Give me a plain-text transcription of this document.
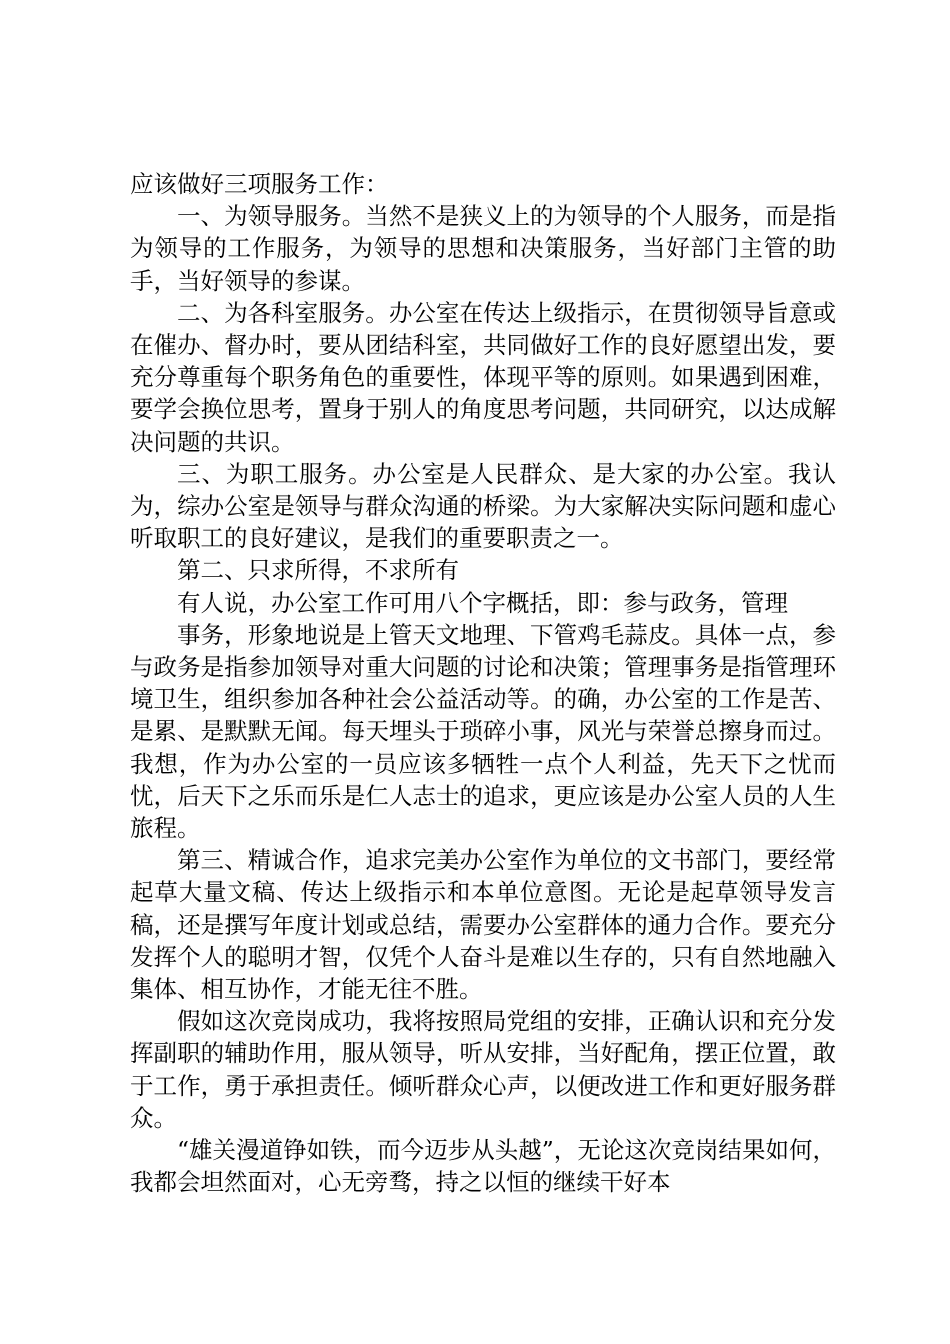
应该做好三项服务工作：

一、为领导服务。当然不是狭义上的为领导的个人服务，而是指为领导的工作服务，为领导的思想和决策服务，当好部门主管的助手，当好领导的参谋。

二、为各科室服务。办公室在传达上级指示，在贯彻领导旨意或在催办、督办时，要从团结科室，共同做好工作的良好愿望出发，要充分尊重每个职务角色的重要性，体现平等的原则。如果遇到困难，要学会换位思考，置身于别人的角度思考问题，共同研究，以达成解决问题的共识。

三、为职工服务。办公室是人民群众、是大家的办公室。我认为，综办公室是领导与群众沟通的桥梁。为大家解决实际问题和虚心听取职工的良好建议，是我们的重要职责之一。

第二、只求所得，不求所有

有人说，办公室工作可用八个字概括，即：参与政务，管理

事务，形象地说是上管天文地理、下管鸡毛蒜皮。具体一点，参与政务是指参加领导对重大问题的讨论和决策；管理事务是指管理环境卫生，组织参加各种社会公益活动等。的确，办公室的工作是苦、是累、是默默无闻。每天埋头于琐碎小事，风光与荣誉总擦身而过。我想，作为办公室的一员应该多牺牲一点个人利益，先天下之忧而忧，后天下之乐而乐是仁人志士的追求，更应该是办公室人员的人生旅程。

第三、精诚合作，追求完美办公室作为单位的文书部门，要经常起草大量文稿、传达上级指示和本单位意图。无论是起草领导发言稿，还是撰写年度计划或总结，需要办公室群体的通力合作。要充分发挥个人的聪明才智，仅凭个人奋斗是难以生存的，只有自然地融入集体、相互协作，才能无往不胜。

假如这次竞岗成功，我将按照局党组的安排，正确认识和充分发挥副职的辅助作用，服从领导，听从安排，当好配角，摆正位置，敢于工作，勇于承担责任。倾听群众心声，以便改进工作和更好服务群众。

“雄关漫道铮如铁，而今迈步从头越”，无论这次竞岗结果如何，我都会坦然面对，心无旁骛，持之以恒的继续干好本
